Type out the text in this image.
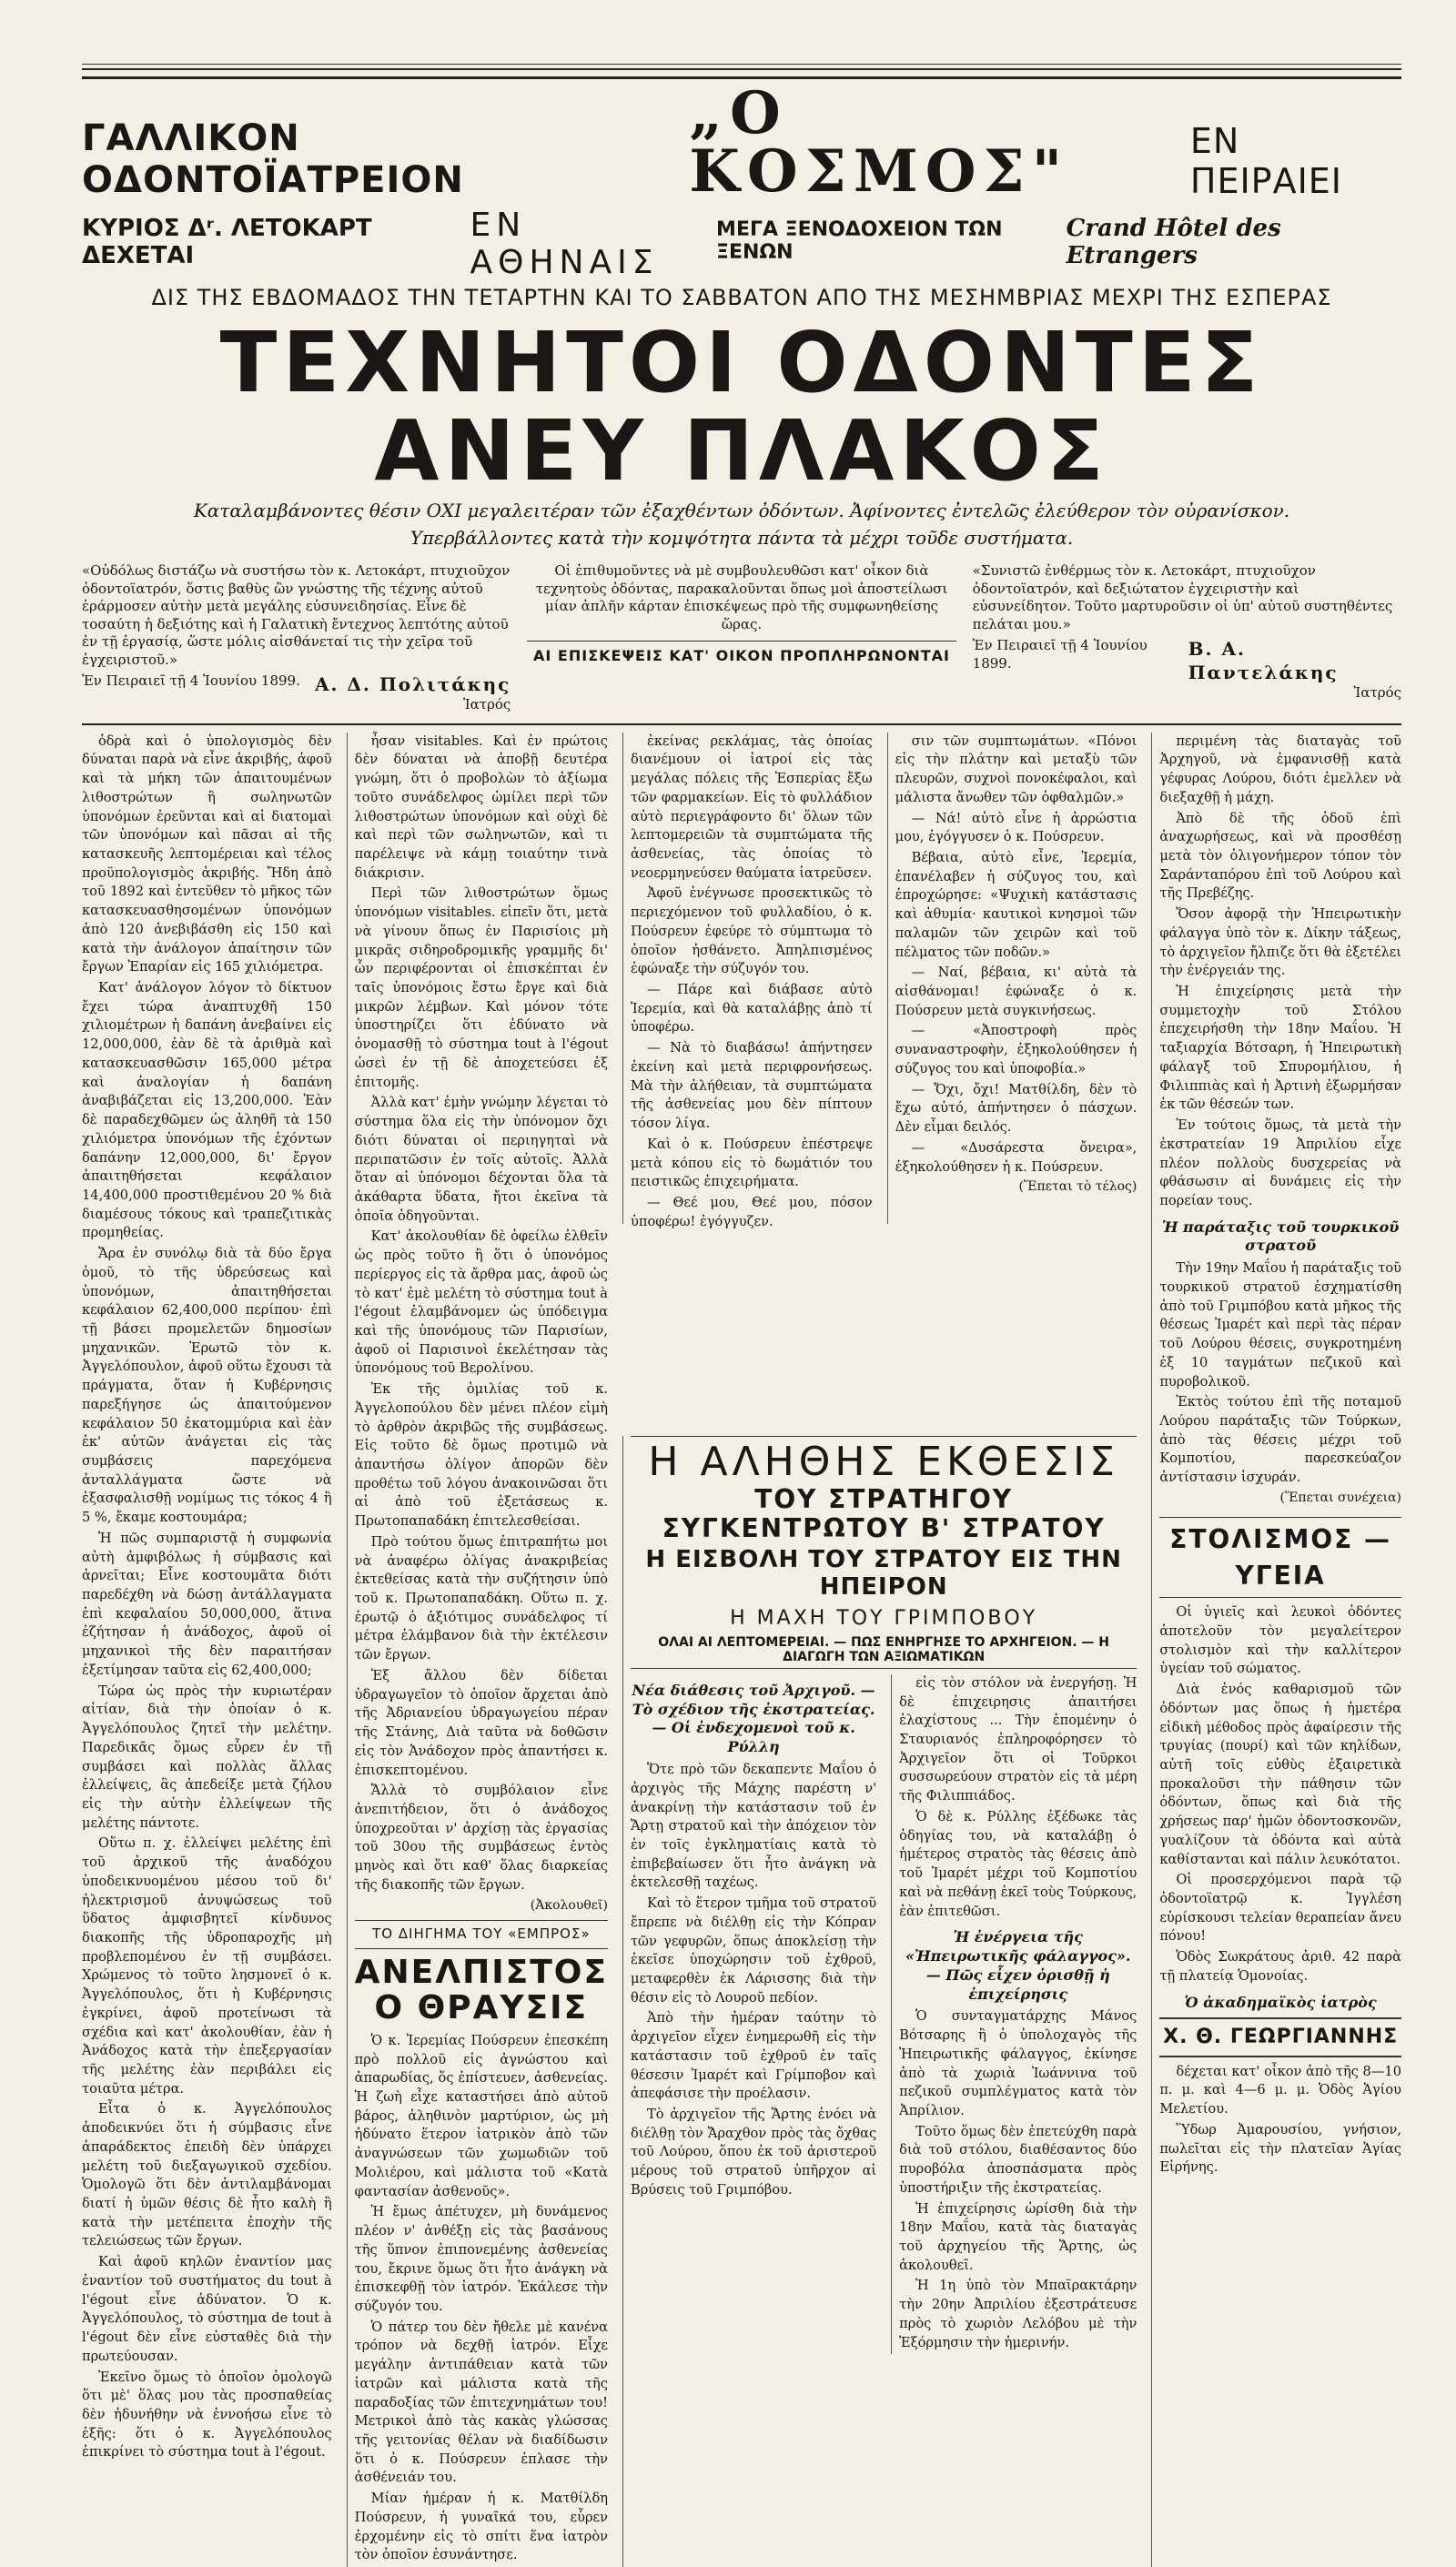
ΓΑΛΛΙΚΟΝ ΟΔΟΝΤΟΪΑΤΡΕΙΟΝ
„Ο ΚΟΣΜΟΣ"	ΕΝ ΠΕΙΡΑΙΕΙ
ΚΥΡΙΟΣ Δʳ. ΛΕΤΟΚΑΡΤ ΔΕΧΕΤΑΙ
ΕΝ ΑΘΗΝΑΙΣ
ΜΕΓΑ ΞΕΝΟΔΟΧΕΙΟΝ ΤΩΝ ΞΕΝΩΝ
Crand Hôtel des Etrangers
ΔΙΣ ΤΗΣ ΕΒΔΟΜΑΔΟΣ ΤΗΝ ΤΕΤΑΡΤΗΝ ΚΑΙ ΤΟ ΣΑΒΒΑΤΟΝ ΑΠΟ ΤΗΣ ΜΕΣΗΜΒΡΙΑΣ ΜΕΧΡΙ ΤΗΣ ΕΣΠΕΡΑΣ
ΤΕΧΝΗΤΟΙ ΟΔΟΝΤΕΣ ΑΝΕΥ ΠΛΑΚΟΣ
Καταλαμβάνοντες θέσιν ΟΧΙ μεγαλειτέραν τῶν ἐξαχθέντων ὀδόντων. Ἀφίνοντες ἐντελῶς ἐλεύθερον τὸν οὐρανίσκον.
Υπερβάλλοντες κατὰ τὴν κομψότητα πάντα τὰ μέχρι τοῦδε συστήματα.
«Οὐδόλως διστάζω νὰ συστήσω τὸν κ. Λετοκάρτ, πτυχιοῦχον ὀδοντοϊατρόν, ὅστις βαθὺς ὢν γνώστης τῆς τέχνης αὐτοῦ ἐράρμοσεν αὐτὴν μετὰ μεγάλης εὐσυνειδησίας. Εἶνε δὲ τοσαύτη ἡ δεξιότης καὶ ἡ Γαλατικὴ ἔντεχνος λεπτότης αὐτοῦ ἐν τῇ ἐργασίᾳ, ὥστε μόλις αἰσθάνεταί τις τὴν χεῖρα τοῦ ἐγχειριστοῦ.»
Ἐν Πειραιεῖ τῇ 4 Ἰουνίου 1899. Α. Δ. Πολιτάκης
Ἰατρός
Οἱ ἐπιθυμοῦντες νὰ μὲ συμβουλευθῶσι κατ' οἶκον διὰ τεχνητοὺς ὀδόντας, παρακαλοῦνται ὅπως μοὶ ἀποστείλωσι μίαν ἀπλῆν κάρταν ἐπισκέψεως πρὸ τῆς συμφωνηθείσης ὥρας.
ΑΙ ΕΠΙΣΚΕΨΕΙΣ ΚΑΤ' ΟΙΚΟΝ ΠΡΟΠΛΗΡΩΝΟΝΤΑΙ
«Συνιστῶ ἐνθέρμως τὸν κ. Λετοκάρτ, πτυχιοῦχον ὀδοντοϊατρόν, καὶ δεξιώτατον ἐγχειριστὴν καὶ εὐσυνείδητον. Τοῦτο μαρτυροῦσιν οἱ ὑπ' αὐτοῦ συστηθέντες πελάται μου.»
Ἐν Πειραιεῖ τῇ 4 Ἰουνίου 1899.
Β. Α. Παντελάκης
Ἰατρός

ὁδρὰ καὶ ὁ ὑπολογισμὸς δὲν δύναται παρὰ νὰ εἶνε ἀκριβής, ἀφοῦ καὶ τὰ μήκη τῶν ἀπαιτουμένων λιθοστρώτων ἢ σωληνωτῶν ὑπονόμων ἐρεῦνται καὶ αἱ διατομαὶ τῶν ὑπονόμων καὶ πᾶσαι αἱ τῆς κατασκευῆς λεπτομέρειαι καὶ τέλος προϋπολογισμὸς ἀκριβής. Ἤδη ἀπὸ τοῦ 1892 καὶ ἐντεῦθεν τὸ μῆκος τῶν κατασκευασθησομένων ὑπονόμων ἀπὸ 120 ἀνεβιβάσθη εἰς 150 καὶ κατὰ τὴν ἀνάλογον ἀπαίτησιν τῶν ἔργων Ἐπαρίαν εἰς 165 χιλιόμετρα.

Κατ' ἀνάλογον λόγον τὸ δίκτυον ἔχει τώρα ἀναπτυχθῆ 150 χιλιομέτρων ἡ δαπάνη ἀνεβαίνει εἰς 12,000,000, ἐὰν δὲ τὰ ἀριθμὰ καὶ κατασκευασθῶσιν 165,000 μέτρα καὶ ἀναλογίαν ἡ δαπάνη ἀναβιβάζεται εἰς 13,200,000. Ἐὰν δὲ παραδεχθῶμεν ὡς ἀληθῆ τὰ 150 χιλιόμετρα ὑπονόμων τῆς ἐχόντων δαπάνην 12,000,000, δι' ἔργον ἀπαιτηθήσεται κεφάλαιον 14,400,000 προστιθεμένου 20 % διὰ διαμέσους τόκους καὶ τραπεζιτικὰς προμηθείας.

Ἄρα ἐν συνόλῳ διὰ τὰ δύο ἔργα ὁμοῦ, τὸ τῆς ὑδρεύσεως καὶ ὑπονόμων, ἀπαιτηθήσεται κεφάλαιον 62,400,000 περίπου· ἐπὶ τῇ βάσει προμελετῶν δημοσίων μηχανικῶν. Ἐρωτῶ τὸν κ. Ἀγγελόπουλον, ἀφοῦ οὕτω ἔχουσι τὰ πράγματα, ὅταν ἡ Κυβέρνησις παρεξήγησε ὡς ἀπαιτούμενον κεφάλαιον 50 ἑκατομμύρια καὶ ἐὰν ἐκ' αὐτῶν ἀνάγεται εἰς τὰς συμβάσεις παρεχόμενα ἀνταλλάγματα ὥστε νὰ ἐξασφαλισθῇ νομίμως τις τόκος 4 ἢ 5 %, ἔκαμε κοστουμάρα;

Ἡ πῶς συμπαριστᾷ ἡ συμφωνία αὐτὴ ἀμφιβόλως ἡ σύμβασις καὶ ἀρνεῖται; Εἶνε κοστουμᾶτα διότι παρεδέχθη νὰ δώσῃ ἀντάλλαγματα ἐπὶ κεφαλαίου 50,000,000, ἅτινα ἐζήτησαν ἡ ἀνάδοχος, ἀφοῦ οἱ μηχανικοὶ τῆς δὲν παραιτήσαν ἐξετίμησαν ταῦτα εἰς 62,400,000;

Τώρα ὡς πρὸς τὴν κυριωτέραν αἰτίαν, διὰ τὴν ὁποίαν ὁ κ. Ἀγγελόπουλος ζητεῖ τὴν μελέτην. Παρεδικᾶς ὅμως εὗρεν ἐν τῇ συμβάσει καὶ πολλὰς ἄλλας ἐλλείψεις, ἃς ἀπεδείξε μετὰ ζήλου εἰς τὴν αὐτὴν ἐλλείψεων τῆς μελέτης πάντοτε.

Οὕτω π. χ. ἐλλείψει μελέτης ἐπὶ τοῦ ἀρχικοῦ τῆς ἀναδόχου ὑποδεικνυομένου μέσου τοῦ δι' ἠλεκτρισμοῦ ἀνυψώσεως τοῦ ὕδατος ἀμφισβητεῖ κίνδυνος διακοπῆς τῆς ὑδροπαροχῆς μὴ προβλεπομένου ἐν τῇ συμβάσει. Χρώμενος τὸ τοῦτο λησμονεῖ ὁ κ. Ἀγγελόπουλος, ὅτι ἡ Κυβέρνησις ἐγκρίνει, ἀφοῦ προτείνωσι τὰ σχέδια καὶ κατ' ἀκολουθίαν, ἐὰν ἡ Ἀνάδοχος κατὰ τὴν ἐπεξεργασίαν τῆς μελέτης ἐὰν περιβάλει εἰς τοιαῦτα μέτρα.

Εἶτα ὁ κ. Ἀγγελόπουλος ἀποδεικνύει ὅτι ἡ σύμβασις εἶνε ἀπαράδεκτος ἐπειδὴ δὲν ὑπάρχει μελέτη τοῦ διεξαγωγικοῦ σχεδίου. Ὁμολογῶ ὅτι δὲν ἀντιλαμβάνομαι διατί ἡ ὑμῶν θέσις δὲ ἦτο καλὴ ἢ κατὰ τὴν μετέπειτα ἐποχὴν τῆς τελειώσεως τῶν ἔργων.

Καὶ ἀφοῦ κηλῶν ἐναντίον μας ἐναντίον τοῦ συστήματος du tout à l'égout εἶνε ἀδύνατον. Ὁ κ. Ἀγγελόπουλος, τὸ σύστημα de tout à l'égout δὲν εἶνε εὐσταθὲς διὰ τὴν πρωτεύουσαν.

Ἐκεῖνο ὅμως τὸ ὁποῖον ὁμολογῶ ὅτι μὲ' ὅλας μου τὰς προσπαθείας δὲν ἠδυνήθην νὰ ἐννοήσω εἶνε τὸ ἐξῆς: ὅτι ὁ κ. Ἀγγελόπουλος ἐπικρίνει τὸ σύστημα tout à l'égout.

ἦσαν visitables. Καὶ ἐν πρώτοις δὲν δύναται νὰ ἀποβῇ δευτέρα γνώμη, ὅτι ὁ προβολὼν τὸ ἀξίωμα τοῦτο συνάδελφος ὡμίλει περὶ τῶν λιθοστρώτων ὑπονόμων καὶ οὐχὶ δὲ καὶ περὶ τῶν σωληνωτῶν, καὶ τι παρέλειψε νὰ κάμῃ τοιαύτην τινὰ διάκρισιν.

Περὶ τῶν λιθοστρώτων ὅμως ὑπονόμων visitables. εἰπεῖν ὅτι, μετὰ νὰ γίνουν ὅπως ἐν Παρισίοις μὴ μικρᾶς σιδηροδρομικῆς γραμμῆς δι' ὧν περιφέρονται οἱ ἐπισκέπται ἐν ταῖς ὑπονόμοις ἔστω ἔργε καὶ διὰ μικρῶν λέμβων. Καὶ μόνον τότε ὑποστηρίζει ὅτι ἐδύνατο νὰ ὀνομασθῇ τὸ σύστημα tout à l'égout ὡσεὶ ἐν τῇ δὲ ἀποχετεύσει ἐξ ἐπιτομῆς.

Ἀλλὰ κατ' ἐμὴν γνώμην λέγεται τὸ σύστημα ὅλα εἰς τὴν ὑπόνομον ὄχι διότι δύναται οἱ περιηγηταὶ νὰ περιπατῶσιν ἐν τοῖς αὐτοῖς. Ἀλλὰ ὅταν αἱ ὑπόνομοι δέχονται ὅλα τὰ ἀκάθαρτα ὕδατα, ἤτοι ἐκεῖνα τὰ ὁποῖα ὁδηγοῦνται.

Κατ' ἀκολουθίαν δὲ ὀφείλω ἐλθεῖν ὡς πρὸς τοῦτο ἢ ὅτι ὁ ὑπονόμος περίεργος εἰς τὰ ἄρθρα μας, ἀφοῦ ὡς τὸ κατ' ἐμὲ μελέτη τὸ σύστημα tout à l'égout ἐλαμβάνομεν ὡς ὑπόδειγμα καὶ τῆς ὑπονόμους τῶν Παρισίων, ἀφοῦ οἱ Παρισινοὶ ἐκελέτησαν τὰς ὑπονόμους τοῦ Βερολίνου.

Ἐκ τῆς ὁμιλίας τοῦ κ. Ἀγγελοπούλου δὲν μένει πλέον εἰμὴ τὸ ἀρθρὸν ἀκριβῶς τῆς συμβάσεως. Εἰς τοῦτο δὲ ὅμως προτιμῶ νὰ ἀπαντήσω ὀλίγον ἀπορῶν δὲν προθέτω τοῦ λόγου ἀνακοινῶσαι ὅτι αἱ ἀπὸ τοῦ ἐξετάσεως κ. Πρωτοπαπαδάκη ἐπιτελεσθείσαι.

Πρὸ τούτου ὅμως ἐπιτραπήτω μοι νὰ ἀναφέρω ὀλίγας ἀνακριβείας ἐκτεθείσας κατὰ τὴν συζήτησιν ὑπὸ τοῦ κ. Πρωτοπαπαδάκη. Οὕτω π. χ. ἐρωτῷ ὁ ἀξιότιμος συνάδελφος τί μέτρα ἐλάμβανον διὰ τὴν ἐκτέλεσιν τῶν ἔργων.

Ἐξ ἄλλου δὲν δίδεται ὑδραγωγεῖον τὸ ὁποῖον ἄρχεται ἀπὸ τῆς Ἀδριανείου ὑδραγωγείου πέραν τῆς Στάνης, Διὰ ταῦτα νὰ δοθῶσιν εἰς τὸν Ἀνάδοχον πρὸς ἀπαντήσει κ. ἐπισκεπτομένου.

Ἄλλὰ τὸ συμβόλαιον εἶνε ἀνεπιτήδειον, ὅτι ὁ ἀνάδοχος ὑποχρεοῦται ν' ἀρχίσῃ τὰς ἐργασίας τοῦ 30ου τῆς συμβάσεως ἐντὸς μηνὸς καὶ ὅτι καθ' ὅλας διαρκείας τῆς διακοπῆς τῶν ἔργων.

(Ἀκολουθεῖ)
ΤΟ ΔΙΗΓΗΜΑ ΤΟΥ «ΕΜΠΡΟΣ»
ΑΝΕΛΠΙΣΤΟΣ Ο ΘΡΑΥΣΙΣ

Ὁ κ. Ἰερεμίας Πούσρευν ἐπεσκέπη πρὸ πολλοῦ εἰς ἀγνώστου καὶ ἀπαρωδίας, ὅς ἐπίστευεν, ἀσθενείας. Ἡ ζωὴ εἶχε καταστήσει ἀπὸ αὐτοῦ βάρος, ἀληθινὸν μαρτύριον, ὡς μὴ ἠδύνατο ἕτερον ἰατρικὸν ἀπὸ τῶν ἀναγνώσεων τῶν χωμωδιῶν τοῦ Μολιέρου, καὶ μάλιστα τοῦ «Κατὰ φαντασίαν ἀσθενοῦς».

Ἡ ἔμως ἀπέτυχεν, μὴ δυνάμενος πλέον ν' ἀνθέξῃ εἰς τὰς βασάνους τῆς ὕπνον ἐπιπονεμένης ἀσθενείας του, ἔκρινε ὅμως ὅτι ἦτο ἀνάγκη νὰ ἐπισκεφθῇ τὸν ἰατρόν. Ἐκάλεσε τὴν σύζυγόν του.

Ὁ πάτερ του δὲν ἤθελε μὲ κανένα τρόπον νὰ δεχθῇ ἰατρόν. Εἶχε μεγάλην ἀντιπάθειαν κατὰ τῶν ἰατρῶν καὶ μάλιστα κατὰ τῆς παραδοξίας τῶν ἐπιτεχνημάτων του! Μετρικοὶ ἀπὸ τὰς κακὰς γλώσσας τῆς γειτονίας θέλαν νὰ διαδίδωσιν ὅτι ὁ κ. Πούσρευν ἐπλασε τὴν ἀσθένειάν του.

Μίαν ἡμέραν ἡ κ. Ματθίλδη Πούσρευν, ἡ γυναῖκά του, εὗρεν ἐρχομένην εἰς τὸ σπίτι ἕνα ἰατρὸν τὸν ὁποῖον ἐσυνάντησε.

ἐκείνας ρεκλάμας, τὰς ὁποίας διανέμουν οἱ ἰατροί εἰς τὰς μεγάλας πόλεις τῆς Ἐσπερίας ἔξω τῶν φαρμακείων. Εἰς τὸ φυλλάδιον αὐτὸ περιεγράφοντο δι' ὅλων τῶν λεπτομερειῶν τὰ συμπτώματα τῆς ἀσθενείας, τὰς ὁποίας τὸ νεοερμηνεύσεν θαύματα ἰατρεῦσεν.

Ἀφοῦ ἐνέγνωσε προσεκτικῶς τὸ περιεχόμενον τοῦ φυλλαδίου, ὁ κ. Πούσρευν ἐφεύρε τὸ σύμπτωμα τὸ ὁποῖον ἠσθάνετο. Ἀπηλπισμένος ἐφώναξε τὴν σύζυγόν του.

— Πάρε καὶ διάβασε αὐτὸ Ἰερεμία, καὶ θὰ καταλάβῃς ἀπὸ τί ὑποφέρω.

— Νὰ τὸ διαβάσω! ἀπήντησεν ἐκείνη καὶ μετὰ περιφρονήσεως. Μὰ τὴν ἀλήθειαν, τὰ συμπτώματα τῆς ἀσθενείας μου δὲν πίπτουν τόσον λίγα.

Καὶ ὁ κ. Πούσρευν ἐπέστρεψε μετὰ κόπου εἰς τὸ δωμάτιόν του πειστικῶς ἐπιχειρήματα.

— Θεέ μου, Θεέ μου, πόσον ὑποφέρω! ἐγόγγυζεν.

σιν τῶν συμπτωμάτων. «Πόνοι εἰς τὴν πλάτην καὶ μεταξὺ τῶν πλευρῶν, συχνοὶ πονοκέφαλοι, καὶ μάλιστα ἄνωθεν τῶν ὀφθαλμῶν.»

— Νά! αὐτὸ εἶνε ἡ ἀρρώστια μου, ἐγόγγυσεν ὁ κ. Πούσρευν.

Βέβαια, αὐτὸ εἶνε, Ἰερεμία, ἐπανέλαβεν ἡ σύζυγος του, καὶ ἐπροχώρησε: «Ψυχικὴ κατάστασις καὶ ἀθυμία· καυτικοὶ κνησμοὶ τῶν παλαμῶν τῶν χειρῶν καὶ τοῦ πέλματος τῶν ποδῶν.»

— Ναί, βέβαια, κι' αὐτὰ τὰ αἰσθάνομαι! ἐφώναξε ὁ κ. Πούσρευν μετὰ συγκινήσεως.

— «Ἀποστροφὴ πρὸς συναναστροφὴν, ἐξηκολούθησεν ἡ σύζυγος του καὶ ὑποφοβία.»

— Ὄχι, ὄχι! Ματθίλδη, δὲν τὸ ἔχω αὐτό, ἀπήντησεν ὁ πάσχων. Δὲν εἶμαι δειλός.

— «Δυσάρεστα ὄνειρα», ἐξηκολούθησεν ἡ κ. Πούσρευν.

(Ἕπεται τὸ τέλος)

περιμένη τὰς διαταγὰς τοῦ Ἀρχηγοῦ, νὰ ἐμφανισθῇ κατὰ γέφυρας Λούρου, διότι ἐμελλεν νὰ διεξαχθῇ ἡ μάχη.

Ἀπὸ δὲ τῆς ὁδοῦ ἐπὶ ἀναχωρήσεως, καὶ νὰ προσθέσῃ μετὰ τὸν ὀλιγονήμερον τόπον τὸν Σαράνταπόρου ἐπὶ τοῦ Λούρου καὶ τῆς Πρεβέζης.

Ὅσον ἀφορᾷ τὴν Ἠπειρωτικὴν φάλαγγα ὑπὸ τὸν κ. Δίκην τάξεως, τὸ ἀρχιγεῖον ἤλπιζε ὅτι θὰ ἐξετέλει τὴν ἐνέργειάν της.

Ἡ ἐπιχείρησις μετὰ τὴν συμμετοχὴν τοῦ Στόλου ἐπεχειρήσθη τὴν 18ην Μαΐου. Ἡ ταξιαρχία Βότσαρη, ἡ Ἡπειρωτικὴ φάλαγξ τοῦ Σπυρομήλιου, ἡ Φιλιππιὰς καὶ ἡ Ἀρτινὴ ἐξωρμήσαν ἐκ τῶν θέσεών των.

Ἐν τούτοις ὅμως, τὰ μετὰ τὴν ἐκστρατείαν 19 Ἀπριλίου εἶχε πλέον πολλοὺς δυσχερείας νὰ φθάσωσιν αἱ δυνάμεις εἰς τὴν πορείαν τους.

Ἡ παράταξις τοῦ τουρκικοῦ στρατοῦ

Τὴν 19ην Μαΐου ἡ παράταξις τοῦ τουρκικοῦ στρατοῦ ἐσχηματίσθη ἀπὸ τοῦ Γριμπόβου κατὰ μῆκος τῆς θέσεως Ἰμαρέτ καὶ περὶ τὰς πέραν τοῦ Λούρου θέσεις, συγκροτημένη ἐξ 10 ταγμάτων πεζικοῦ καὶ πυροβολικοῦ.

Ἐκτὸς τούτου ἐπὶ τῆς ποταμοῦ Λούρου παράταξις τῶν Τούρκων, ἀπὸ τὰς θέσεις μέχρι τοῦ Κομποτίου, παρεσκεύαζον ἀντίστασιν ἰσχυράν.

(Ἕπεται συνέχεια)
ΣΤΟΛΙΣΜΟΣ — ΥΓΕΙΑ

Οἱ ὑγιεῖς καὶ λευκοὶ ὀδόντες ἀποτελοῦν τὸν μεγαλείτερον στολισμὸν καὶ τὴν καλλίτερον ὑγείαν τοῦ σώματος.

Διὰ ἐνός καθαρισμοῦ τῶν ὀδόντων μας ὅπως ἡ ἡμετέρα εἰδικὴ μέθοδος πρὸς ἀφαίρεσιν τῆς τρυγίας (πουρί) καὶ τῶν κηλίδων, αὐτῆ τοῖς εὐθὺς ἐξαιρετικὰ προκαλοῦσι τὴν πάθησιν τῶν ὀδόντων, ὅπως καὶ διὰ τῆς χρήσεως παρ' ἡμῶν ὀδοντοσκονῶν, γυαλίζουν τὰ ὀδόντα καὶ αὐτὰ καθίστανται καὶ πάλιν λευκότατοι.

Οἱ προσερχόμενοι παρὰ τῷ ὀδοντοϊατρῷ κ. Ἰγγλέση εὑρίσκουσι τελείαν θεραπείαν ἄνευ πόνου!

Ὁδὸς Σωκράτους ἀριθ. 42 παρὰ τῇ πλατείᾳ Ὁμονοίας.

Ὁ ἀκαδημαϊκὸς ἰατρὸς
Χ. Θ. ΓΕΩΡΓΙΑΝΝΗΣ

δέχεται κατ' οἶκον ἀπὸ τῆς 8—10 π. μ. καὶ 4—6 μ. μ. Ὁδὸς Ἁγίου Μελετίου.

Ὕδωρ Ἀμαρουσίου, γνήσιον, πωλεῖται εἰς τὴν πλατεῖαν Ἁγίας Εἰρήνης.

Η ΑΛΗΘΗΣ ΕΚΘΕΣΙΣ
ΤΟΥ ΣΤΡΑΤΗΓΟΥ ΣΥΓΚΕΝΤΡΩΤΟΥ Β' ΣΤΡΑΤΟΥ
Η ΕΙΣΒΟΛΗ ΤΟΥ ΣΤΡΑΤΟΥ ΕΙΣ ΤΗΝ ΗΠΕΙΡΟΝ
Η ΜΑΧΗ ΤΟΥ ΓΡΙΜΠΟΒΟΥ
ΟΛΑΙ ΑΙ ΛΕΠΤΟΜΕΡΕΙΑΙ. — ΠΩΣ ΕΝΗΡΓΗΣΕ ΤΟ ΑΡΧΗΓΕΙΟΝ. — Η ΔΙΑΓΩΓΗ ΤΩΝ ΑΞΙΩΜΑΤΙΚΩΝ
Νέα διάθεσις τοῦ Ἀρχιγοῦ. — Τὸ σχέδιον τῆς ἐκστρατείας. — Οἱ ἐνδεχομενοὶ τοῦ κ. Ρύλλη

Ὅτε πρὸ τῶν δεκαπεντε Μαΐου ὁ ἀρχιγὸς τῆς Μάχης παρέστη ν' ἀνακρίνῃ τὴν κατάστασιν τοῦ ἐν Ἄρτῃ στρατοῦ καὶ τὴν ἀπόχειον τὸν ἐν τοῖς ἐγκληματίαις κατὰ τὸ ἐπιβεβαίωσεν ὅτι ἦτο ἀνάγκη νὰ ἐκτελεσθῇ ταχέως.

Καὶ τὸ ἕτερον τμῆμα τοῦ στρατοῦ ἔπρεπε νὰ διέλθῃ εἰς τὴν Κόπραν τῶν γεφυρῶν, ὅπως ἀποκλείσῃ τὴν ἐκεῖσε ὑποχώρησιν τοῦ ἐχθροῦ, μεταφερθὲν ἐκ Λάρισσης διὰ τὴν θέσιν εἰς τὸ Λουροῦ πεδίον.

Ἀπὸ τὴν ἡμέραν ταύτην τὸ ἀρχιγεῖον εἶχεν ἐνημερωθῆ εἰς τὴν κατάστασιν τοῦ ἐχθροῦ ἐν ταῖς θέσεσιν Ἰμαρέτ καὶ Γρίμποβον καὶ ἀπεφάσισε τὴν προέλασιν.

Τὸ ἀρχιγεῖον τῆς Ἄρτης ἐνόει νὰ διέλθῃ τὸν Ἄραχθον πρὸς τὰς ὄχθας τοῦ Λούρου, ὅπου ἐκ τοῦ ἀριστεροῦ μέρους τοῦ στρατοῦ ὑπῆρχον αἱ Βρύσεις τοῦ Γριμπόβου.

εἰς τὸν στόλον νὰ ἐνεργήσῃ. Ἡ δὲ ἐπιχειρησις ἀπαιτήσει ἐλαχίστους ... Τὴν ἑπομένην ὁ Σταυριανός ἐπληροφόρησεν τὸ Ἀρχιγεῖον ὅτι οἱ Τοῦρκοι συσσωρεύουν στρατὸν εἰς τὰ μέρη τῆς Φιλιππιάδος.

Ὁ δὲ κ. Ρύλλης ἐξέδωκε τὰς ὁδηγίας του, νὰ καταλάβῃ ὁ ἡμέτερος στρατὸς τὰς θέσεις ἀπὸ τοῦ Ἰμαρέτ μέχρι τοῦ Κομποτίου καὶ νὰ πεθάνῃ ἐκεῖ τοὺς Τούρκους, ἐὰν ἐπιτεθῶσι.

Ἡ ἐνέργεια τῆς «Ἠπειρωτικῆς φάλαγγος». — Πῶς εἶχεν ὁρισθῇ ἡ ἐπιχείρησις

Ὁ συνταγματάρχης Μάνος Βότσαρης ἢ ὁ ὑπολοχαγὸς τῆς Ἠπειρωτικῆς φάλαγγος, ἐκίνησε ἀπὸ τὰ χωριὰ Ἰωάννινα τοῦ πεζικοῦ συμπλέγματος κατὰ τὸν Ἀπρίλιον.

Τοῦτο ὅμως δὲν ἐπετεύχθη παρὰ διὰ τοῦ στόλου, διαθέσαντος δύο πυροβόλα ἀποσπάσματα πρὸς ὑποστήριξιν τῆς ἐκστρατείας.

Ἡ ἐπιχείρησις ὡρίσθη διὰ τὴν 18ην Μαΐου, κατὰ τὰς διαταγὰς τοῦ ἀρχηγείου τῆς Ἄρτης, ὡς ἀκολουθεῖ.

Ἡ 1η ὑπὸ τὸν Μπαϊρακτάρην τὴν 20ην Ἀπριλίου ἐξεστράτευσε πρὸς τὸ χωριὸν Λελόβου μὲ τὴν Ἐξόρμησιν τὴν ἡμερινήν.
